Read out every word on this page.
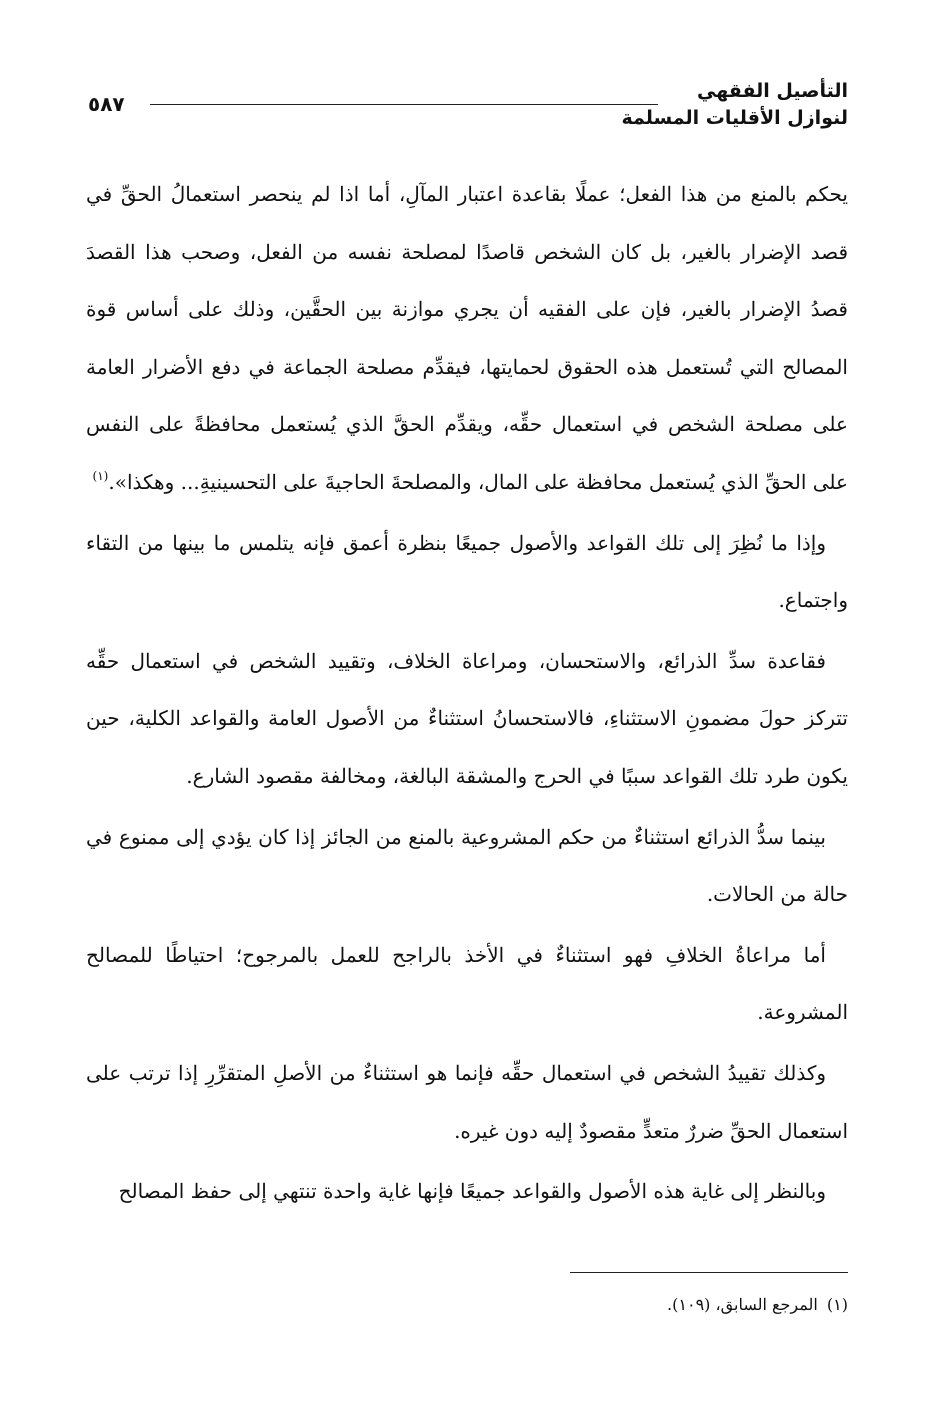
التأصيل الفقهي
لنوازل الأقليات المسلمة
٥٨٧

يحكم بالمنع من هذا الفعل؛ عملًا بقاعدة اعتبار المآلِ، أما اذا لم ينحصر استعمالُ الحقِّ في قصد الإضرار بالغير، بل كان الشخص قاصدًا لمصلحة نفسه من الفعل، وصحب هذا القصدَ قصدُ الإضرار بالغير، فإن على الفقيه أن يجري موازنة بين الحقَّين، وذلك على أساس قوة المصالح التي تُستعمل هذه الحقوق لحمايتها، فيقدِّم مصلحة الجماعة في دفع الأضرار العامة على مصلحة الشخص في استعمال حقِّه، ويقدِّم الحقَّ الذي يُستعمل محافظةً على النفس على الحقِّ الذي يُستعمل محافظة على المال، والمصلحةَ الحاجيةَ على التحسينيةِ... وهكذا».$^{(١)}$

وإذا ما نُظِرَ إلى تلك القواعد والأصول جميعًا بنظرة أعمق فإنه يتلمس ما بينها من التقاء واجتماع.

فقاعدة سدِّ الذرائع، والاستحسان، ومراعاة الخلاف، وتقييد الشخص في استعمال حقِّه تتركز حولَ مضمونِ الاستثناءِ، فالاستحسانُ استثناءٌ من الأصول العامة والقواعد الكلية، حين يكون طرد تلك القواعد سببًا في الحرج والمشقة البالغة، ومخالفة مقصود الشارع.

بينما سدُّ الذرائع استثناءٌ من حكم المشروعية بالمنع من الجائز إذا كان يؤدي إلى ممنوع في حالة من الحالات.

أما مراعاةُ الخلافِ فهو استثناءٌ في الأخذ بالراجح للعمل بالمرجوح؛ احتياطًا للمصالح المشروعة.

وكذلك تقييدُ الشخص في استعمال حقِّه فإنما هو استثناءٌ من الأصلِ المتقرِّرِ إذا ترتب على استعمال الحقِّ ضررٌ متعدٍّ مقصودٌ إليه دون غيره.

وبالنظر إلى غاية هذه الأصول والقواعد جميعًا فإنها غاية واحدة تنتهي إلى حفظ المصالح

(١) المرجع السابق، (١٠٩).
